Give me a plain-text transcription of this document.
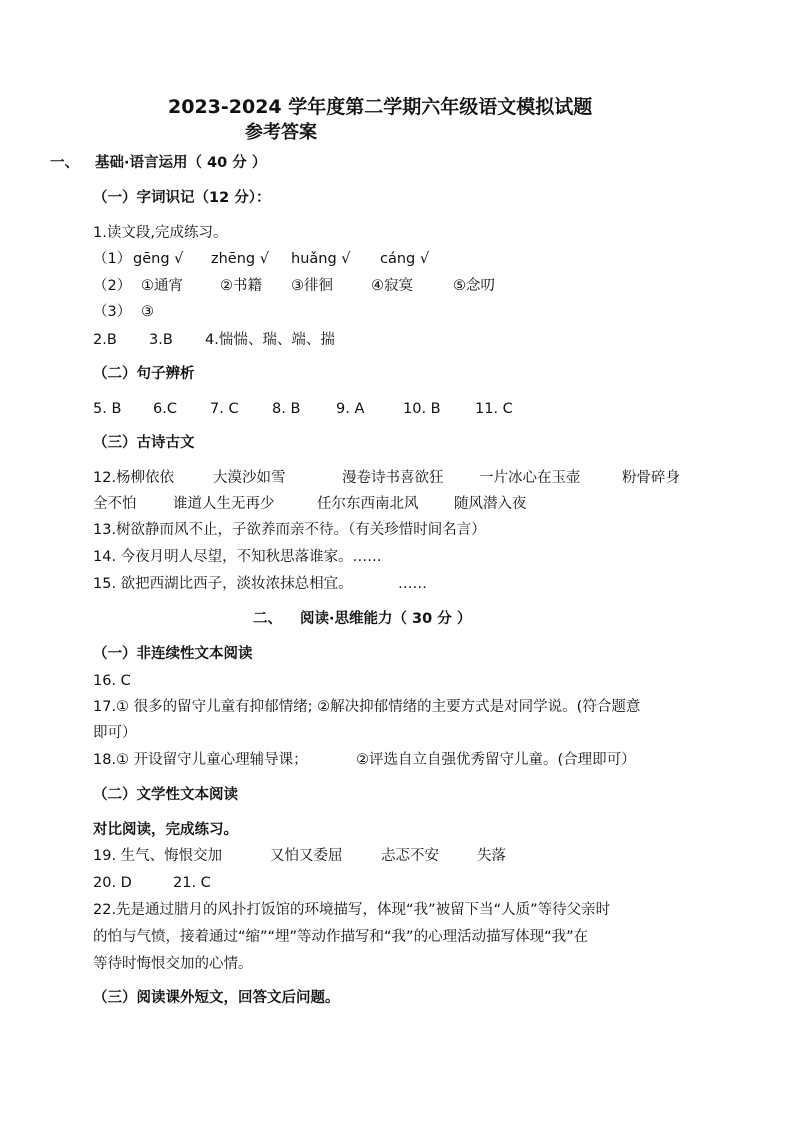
2023-2024 学年度第二学期六年级语文模拟试题
参考答案
一、 基础·语言运用（ 40 分 ）
（一）字词识记（12 分）：
1.读文段,完成练习。
（1） gēng √ zhēng √ huǎng √ cáng √
（2） ①通宵	②书籍 ③徘徊	④寂寞	⑤念叨
（3） ③
2.B 3.B 4.惴惴、瑞、端、揣
（二）句子辨析
5. B 6.C 7. C 8. B 9. A	10. B 11. C
（三）古诗古文
12.杨柳依依	大漠沙如雪	漫卷诗书喜欲狂 一片冰心在玉壶	粉骨碎身
全不怕	谁道人生无再少	任尔东西南北风 随风潜入夜
13.树欲静而风不止，子欲养而亲不待。（有关珍惜时间名言）
14. 今夜月明人尽望，不知秋思落谁家。……
15. 欲把西湖比西子，淡妆浓抹总相宜。	……
二、 阅读·思维能力（ 30 分 ）
（一）非连续性文本阅读
16. C
17.① 很多的留守儿童有抑郁情绪; ②解决抑郁情绪的主要方式是对同学说。(符合题意
即可）
18.① 开设留守儿童心理辅导课；	②评选自立自强优秀留守儿童。(合理即可）
（二）文学性文本阅读
对比阅读，完成练习。
19. 生气、悔恨交加	又怕又委屈	忐忑不安	失落
20. D	21. C
22.先是通过腊月的风扑打饭馆的环境描写，体现“我”被留下当“人质”等待父亲时
的怕与气愤，接着通过“缩”“埋”等动作描写和“我”的心理活动描写体现“我”在
等待时悔恨交加的心情。
（三）阅读课外短文，回答文后问题。
